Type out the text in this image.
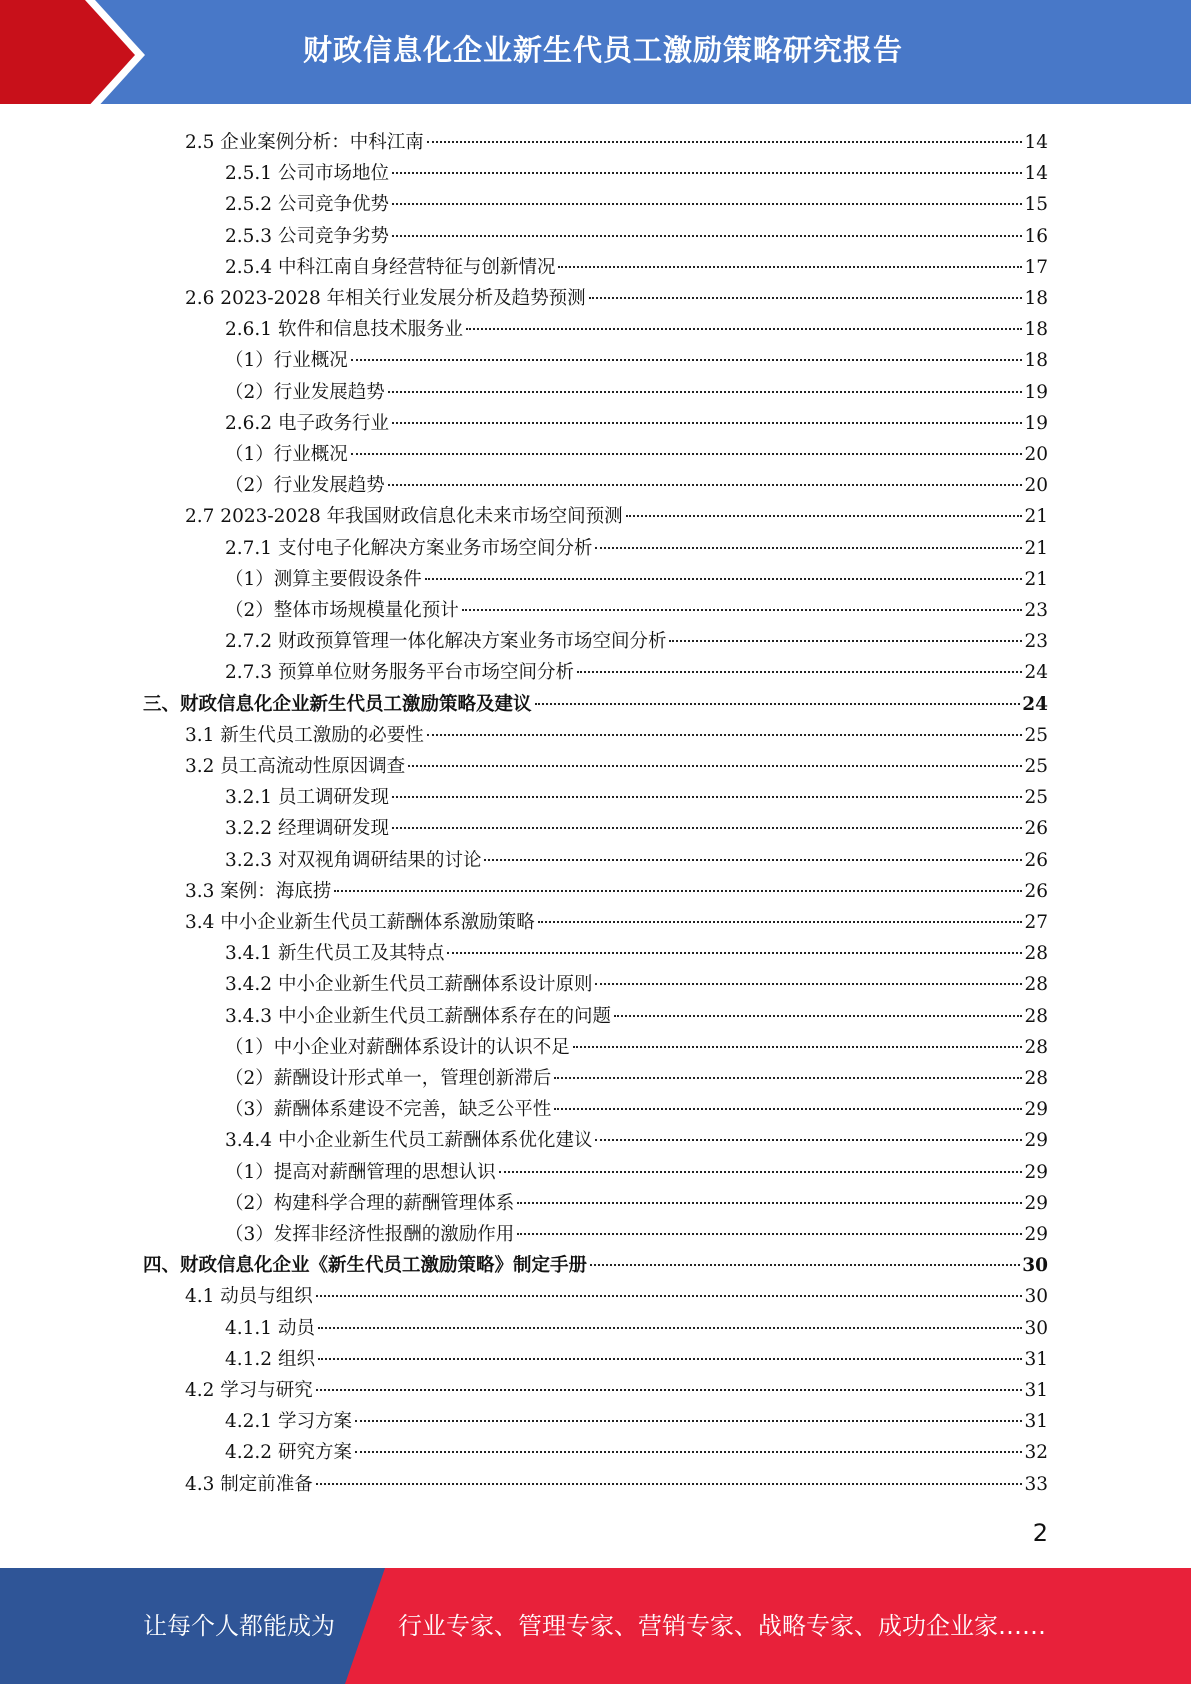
财政信息化企业新生代员工激励策略研究报告
2.5 企业案例分析：中科江南	14
2.5.1 公司市场地位	14
2.5.2 公司竞争优势	15
2.5.3 公司竞争劣势	16
2.5.4 中科江南自身经营特征与创新情况	17
2.6 2023-2028 年相关行业发展分析及趋势预测	18
2.6.1 软件和信息技术服务业	18
（1）行业概况	18
（2）行业发展趋势	19
2.6.2 电子政务行业	19
（1）行业概况	20
（2）行业发展趋势	20
2.7 2023-2028 年我国财政信息化未来市场空间预测	21
2.7.1 支付电子化解决方案业务市场空间分析	21
（1）测算主要假设条件	21
（2）整体市场规模量化预计	23
2.7.2 财政预算管理一体化解决方案业务市场空间分析	23
2.7.3 预算单位财务服务平台市场空间分析	24
三、财政信息化企业新生代员工激励策略及建议	24
3.1 新生代员工激励的必要性	25
3.2 员工高流动性原因调查	25
3.2.1 员工调研发现	25
3.2.2 经理调研发现	26
3.2.3 对双视角调研结果的讨论	26
3.3 案例：海底捞	26
3.4 中小企业新生代员工薪酬体系激励策略	27
3.4.1 新生代员工及其特点	28
3.4.2 中小企业新生代员工薪酬体系设计原则	28
3.4.3 中小企业新生代员工薪酬体系存在的问题	28
（1）中小企业对薪酬体系设计的认识不足	28
（2）薪酬设计形式单一，管理创新滞后	28
（3）薪酬体系建设不完善，缺乏公平性	29
3.4.4 中小企业新生代员工薪酬体系优化建议	29
（1）提高对薪酬管理的思想认识	29
（2）构建科学合理的薪酬管理体系	29
（3）发挥非经济性报酬的激励作用	29
四、财政信息化企业《新生代员工激励策略》制定手册	30
4.1 动员与组织	30
4.1.1 动员	30
4.1.2 组织	31
4.2 学习与研究	31
4.2.1 学习方案	31
4.2.2 研究方案	32
4.3 制定前准备	33
2
让每个人都能成为	行业专家、管理专家、营销专家、战略专家、成功企业家……
